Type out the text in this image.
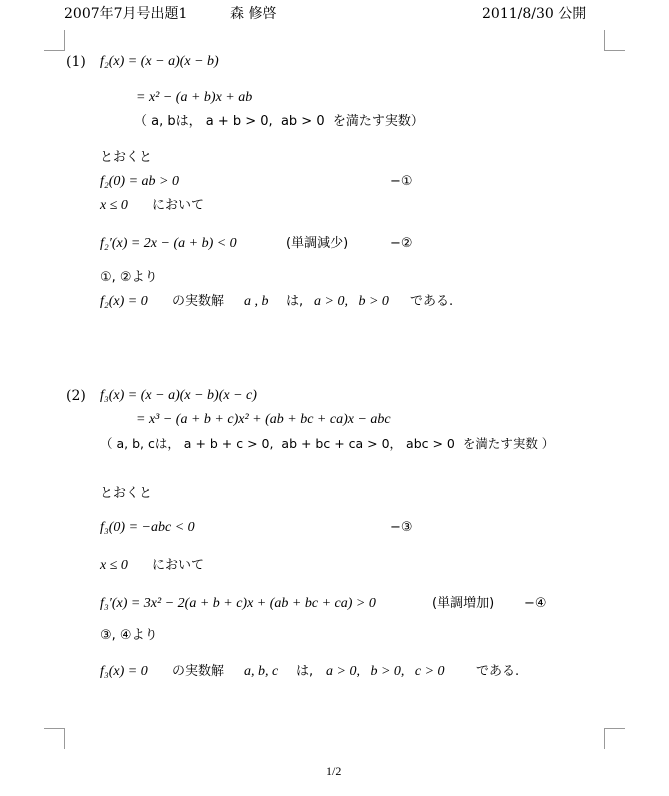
2007年7月号出題1	森 修啓	2011/8/30 公開
(1) f₂(x) = (x − a)(x − b)
= x² − (a + b)x + ab
（ a, bは， a + b > 0,  ab > 0  を満たす実数）
とおくと
f₂(0) = ab > 0	−①
x ≤ 0 において
f₂′(x) = 2x − (a + b) < 0	(単調減少)	−②
①, ②より
f₂(x) = 0 の実数解 a , b は, a > 0,   b > 0 である.
(2) f₃(x) = (x − a)(x − b)(x − c)
= x³ − (a + b + c)x² + (ab + bc + ca)x − abc
（ a, b, cは， a + b + c > 0,  ab + bc + ca > 0， abc > 0  を満たす実数 ）
とおくと
f₃(0) = −abc < 0	−③
x ≤ 0 において
f₃′(x) = 3x² − 2(a + b + c)x + (ab + bc + ca) > 0	(単調増加) −④
③, ④より
f₃(x) = 0 の実数解 a, b, c は, a > 0,   b > 0,   c > 0 である.
1/2
